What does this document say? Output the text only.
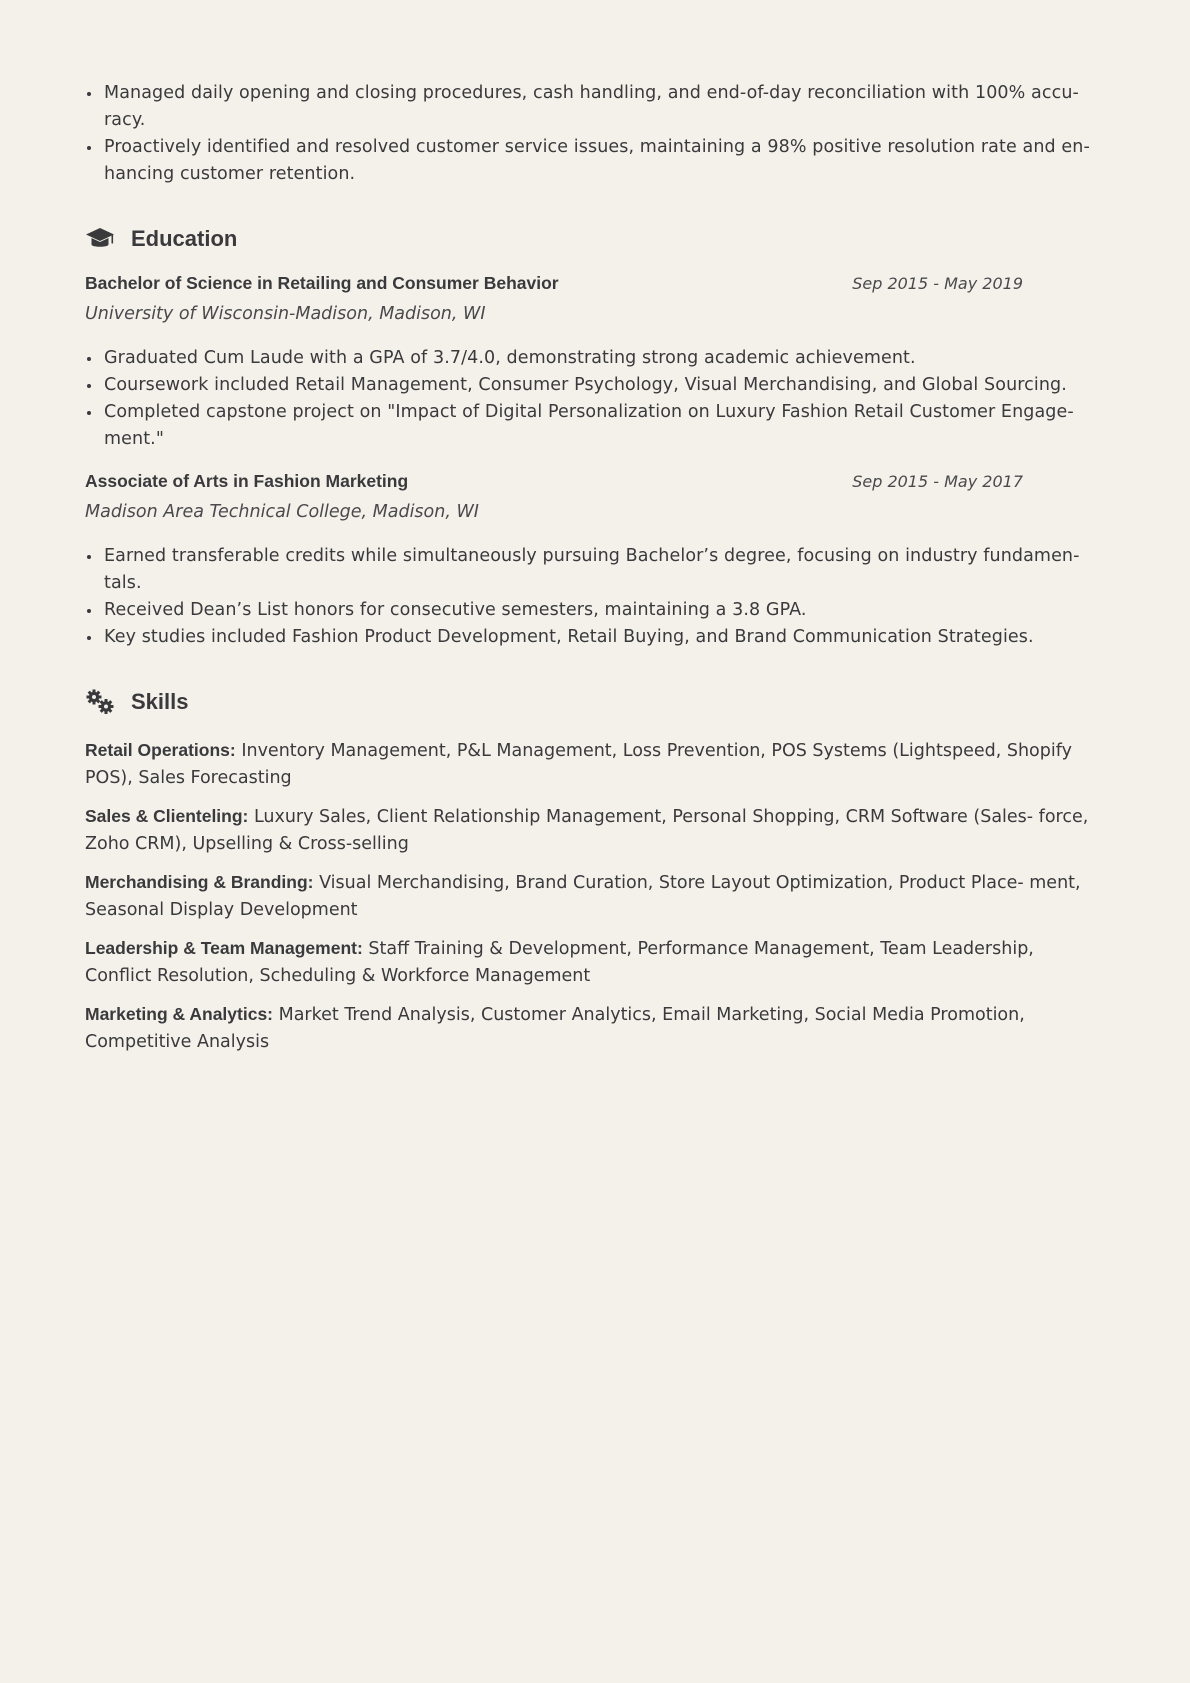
Managed daily opening and closing procedures, cash handling, and end-of-day reconciliation with 100% accu- racy.
Proactively identified and resolved customer service issues, maintaining a 98% positive resolution rate and en- hancing customer retention.
Education
Bachelor of Science in Retailing and Consumer Behavior	Sep 2015 - May 2019
University of Wisconsin-Madison, Madison, WI
Graduated Cum Laude with a GPA of 3.7/4.0, demonstrating strong academic achievement.
Coursework included Retail Management, Consumer Psychology, Visual Merchandising, and Global Sourcing.
Completed capstone project on "Impact of Digital Personalization on Luxury Fashion Retail Customer Engage- ment."
Associate of Arts in Fashion Marketing	Sep 2015 - May 2017
Madison Area Technical College, Madison, WI
Earned transferable credits while simultaneously pursuing Bachelor’s degree, focusing on industry fundamen- tals.
Received Dean’s List honors for consecutive semesters, maintaining a 3.8 GPA.
Key studies included Fashion Product Development, Retail Buying, and Brand Communication Strategies.
Skills
Retail Operations: Inventory Management, P&L Management, Loss Prevention, POS Systems (Lightspeed, Shopify POS), Sales Forecasting
Sales & Clienteling: Luxury Sales, Client Relationship Management, Personal Shopping, CRM Software (Sales- force, Zoho CRM), Upselling & Cross-selling
Merchandising & Branding: Visual Merchandising, Brand Curation, Store Layout Optimization, Product Place- ment, Seasonal Display Development
Leadership & Team Management: Staff Training & Development, Performance Management, Team Leadership, Conflict Resolution, Scheduling & Workforce Management
Marketing & Analytics: Market Trend Analysis, Customer Analytics, Email Marketing, Social Media Promotion, Competitive Analysis
